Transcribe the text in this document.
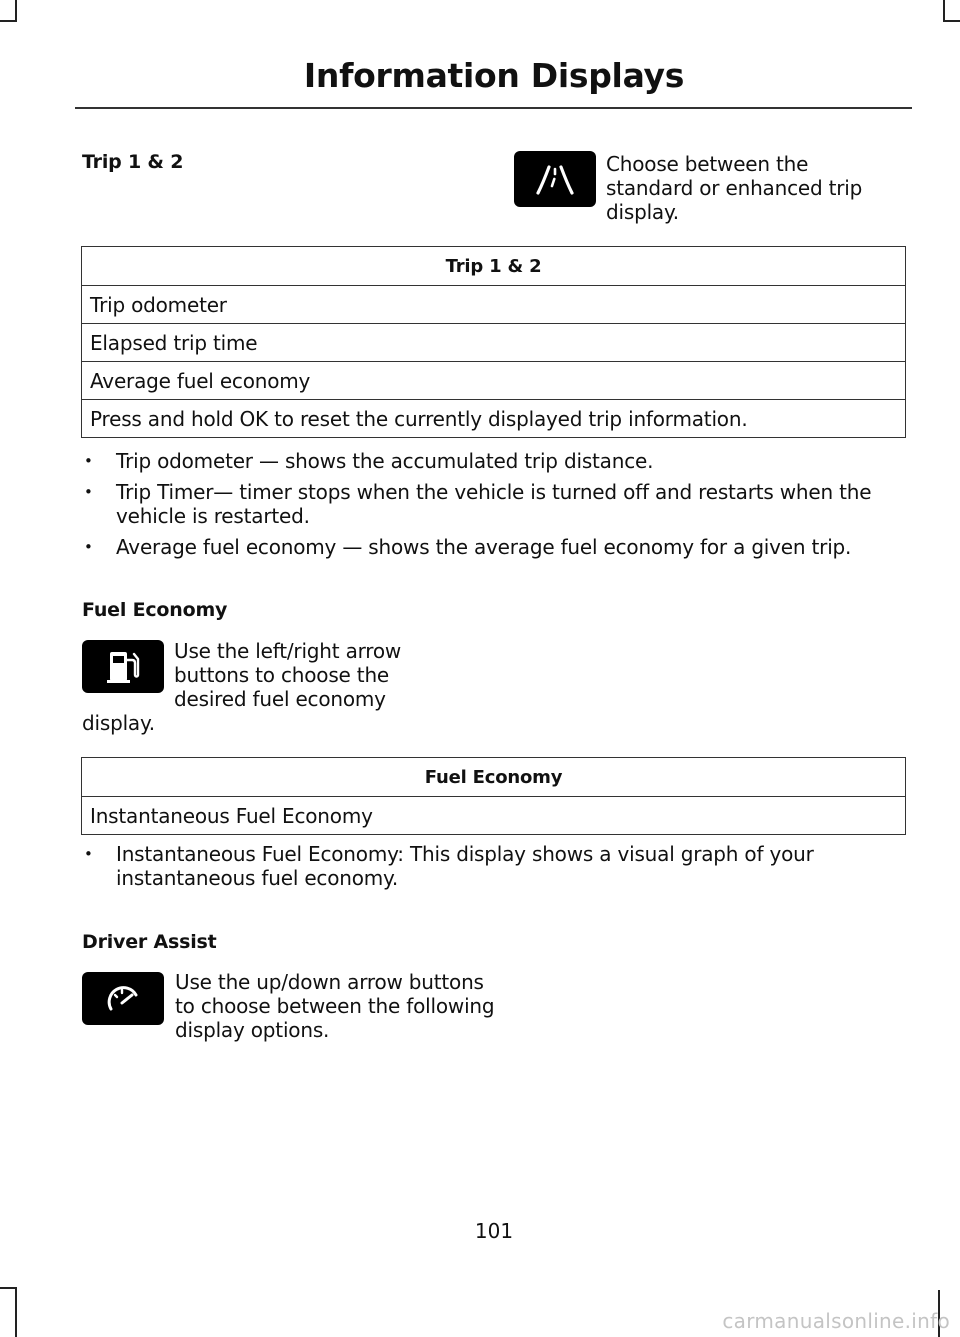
Information Displays
Trip 1 & 2	Choose between the standard or enhanced trip display.
Trip 1 & 2
Trip odometer
Elapsed trip time
Average fuel economy
Press and hold OK to reset the currently displayed trip information.
• Trip odometer — shows the accumulated trip distance.
• Trip Timer— timer stops when the vehicle is turned off and restarts when the vehicle is restarted.
• Average fuel economy — shows the average fuel economy for a given trip.
Fuel Economy
Use the left/right arrow buttons to choose the desired fuel economy display.
Fuel Economy
Instantaneous Fuel Economy
• Instantaneous Fuel Economy: This display shows a visual graph of your instantaneous fuel economy.
Driver Assist
Use the up/down arrow buttons to choose between the following display options.
101
carmanualsonline.info
